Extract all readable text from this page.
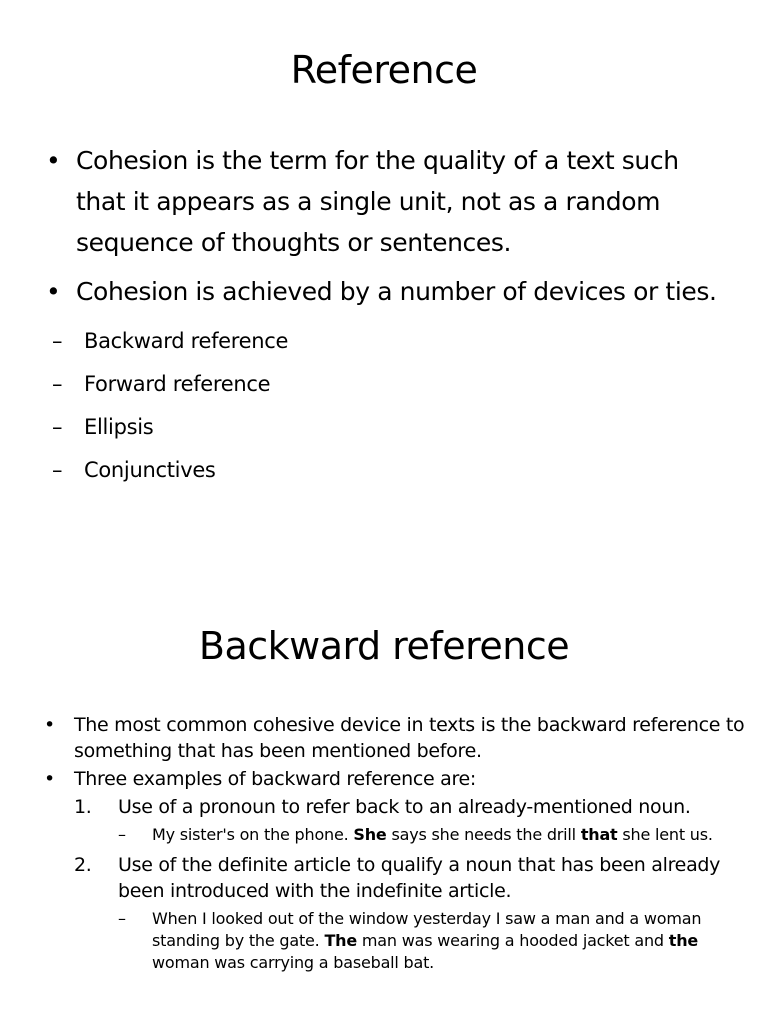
Reference
• Cohesion is the term for the quality of a text such that it appears as a single unit, not as a random sequence of thoughts or sentences.
• Cohesion is achieved by a number of devices or ties.
– Backward reference
– Forward reference
– Ellipsis
– Conjunctives
Backward reference
• The most common cohesive device in texts is the backward reference to something that has been mentioned before.
• Three examples of backward reference are:
1. Use of a pronoun to refer back to an already-mentioned noun.
– My sister's on the phone. She says she needs the drill that she lent us.
2. Use of the definite article to qualify a noun that has been already been introduced with the indefinite article.
– When I looked out of the window yesterday I saw a man and a woman standing by the gate. The man was wearing a hooded jacket and the woman was carrying a baseball bat.
